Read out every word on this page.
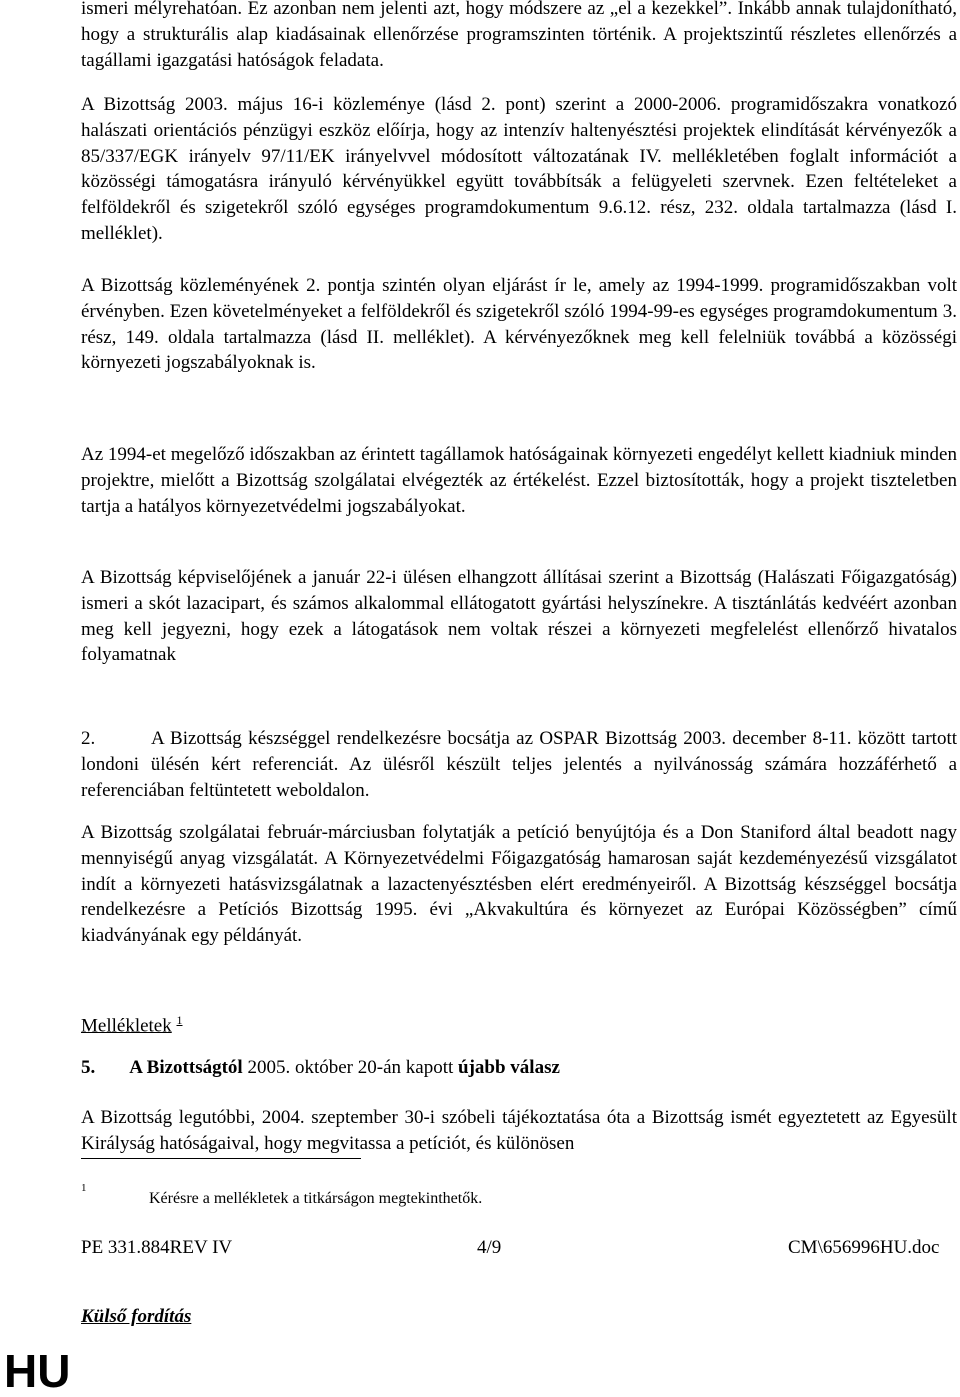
ismeri mélyrehatóan. Ez azonban nem jelenti azt, hogy módszere az „el a kezekkel”. Inkább annak tulajdonítható, hogy a strukturális alap kiadásainak ellenőrzése programszinten történik. A projektszintű részletes ellenőrzés a tagállami igazgatási hatóságok feladata.

A Bizottság 2003. május 16-i közleménye (lásd 2. pont) szerint a 2000-2006. programidőszakra vonatkozó halászati orientációs pénzügyi eszköz előírja, hogy az intenzív haltenyésztési projektek elindítását kérvényezők a 85/337/EGK irányelv 97/11/EK irányelvvel módosított változatának IV. mellékletében foglalt információt a közösségi támogatásra irányuló kérvényükkel együtt továbbítsák a felügyeleti szervnek. Ezen feltételeket a felföldekről és szigetekről szóló egységes programdokumentum 9.6.12. rész, 232. oldala tartalmazza (lásd I. melléklet).

A Bizottság közleményének 2. pontja szintén olyan eljárást ír le, amely az 1994-1999. programidőszakban volt érvényben. Ezen követelményeket a felföldekről és szigetekről szóló 1994-99-es egységes programdokumentum 3. rész, 149. oldala tartalmazza (lásd II. melléklet). A kérvényezőknek meg kell felelniük továbbá a közösségi környezeti jogszabályoknak is.

Az 1994-et megelőző időszakban az érintett tagállamok hatóságainak környezeti engedélyt kellett kiadniuk minden projektre, mielőtt a Bizottság szolgálatai elvégezték az értékelést. Ezzel biztosították, hogy a projekt tiszteletben tartja a hatályos környezetvédelmi jogszabályokat.

A Bizottság képviselőjének a január 22-i ülésen elhangzott állításai szerint a Bizottság (Halászati Főigazgatóság) ismeri a skót lazacipart, és számos alkalommal ellátogatott gyártási helyszínekre. A tisztánlátás kedvéért azonban meg kell jegyezni, hogy ezek a látogatások nem voltak részei a környezeti megfelelést ellenőrző hivatalos folyamatnak

2.	A Bizottság készséggel rendelkezésre bocsátja az OSPAR Bizottság 2003. december 8-11. között tartott londoni ülésén kért referenciát. Az ülésről készült teljes jelentés a nyilvánosság számára hozzáférhető a referenciában feltüntetett weboldalon.

A Bizottság szolgálatai február-márciusban folytatják a petíció benyújtója és a Don Staniford által beadott nagy mennyiségű anyag vizsgálatát. A Környezetvédelmi Főigazgatóság hamarosan saját kezdeményezésű vizsgálatot indít a környezeti hatásvizsgálatnak a lazactenyésztésben elért eredményeiről. A Bizottság készséggel bocsátja rendelkezésre a Petíciós Bizottság 1995. évi „Akvakultúra és környezet az Európai Közösségben” című kiadványának egy példányát.

Mellékletek $^1$
5. A Bizottságtól 2005. október 20-án kapott újabb válasz

A Bizottság legutóbbi, 2004. szeptember 30-i szóbeli tájékoztatása óta a Bizottság ismét egyeztetett az Egyesült Királyság hatóságaival, hogy megvitassa a petíciót, és különösen

1
Kérésre a mellékletek a titkárságon megtekinthetők.
PE 331.884REV IV	4/9	CM\656996HU.doc
Külső fordítás
HU
